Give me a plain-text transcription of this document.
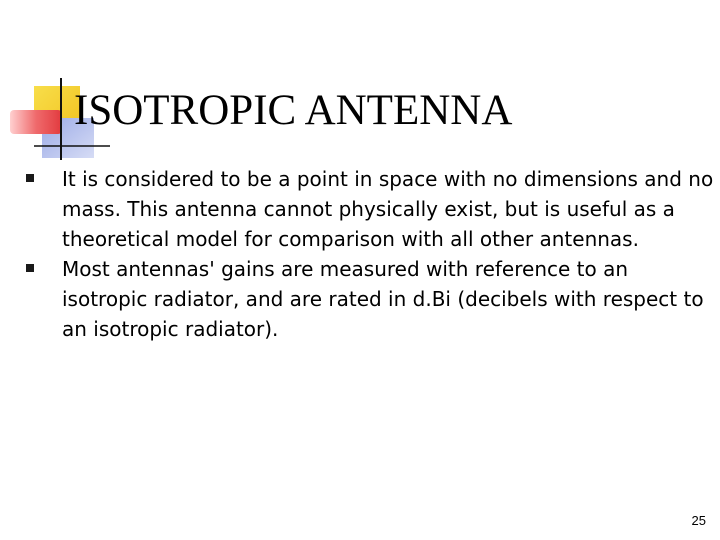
ISOTROPIC ANTENNA
It is considered to be a point in space with no dimensions and no mass. This antenna cannot physically exist, but is useful as a theoretical model for comparison with all other antennas.
Most antennas' gains are measured with reference to an isotropic radiator, and are rated in d.Bi (decibels with respect to an isotropic radiator).
25
